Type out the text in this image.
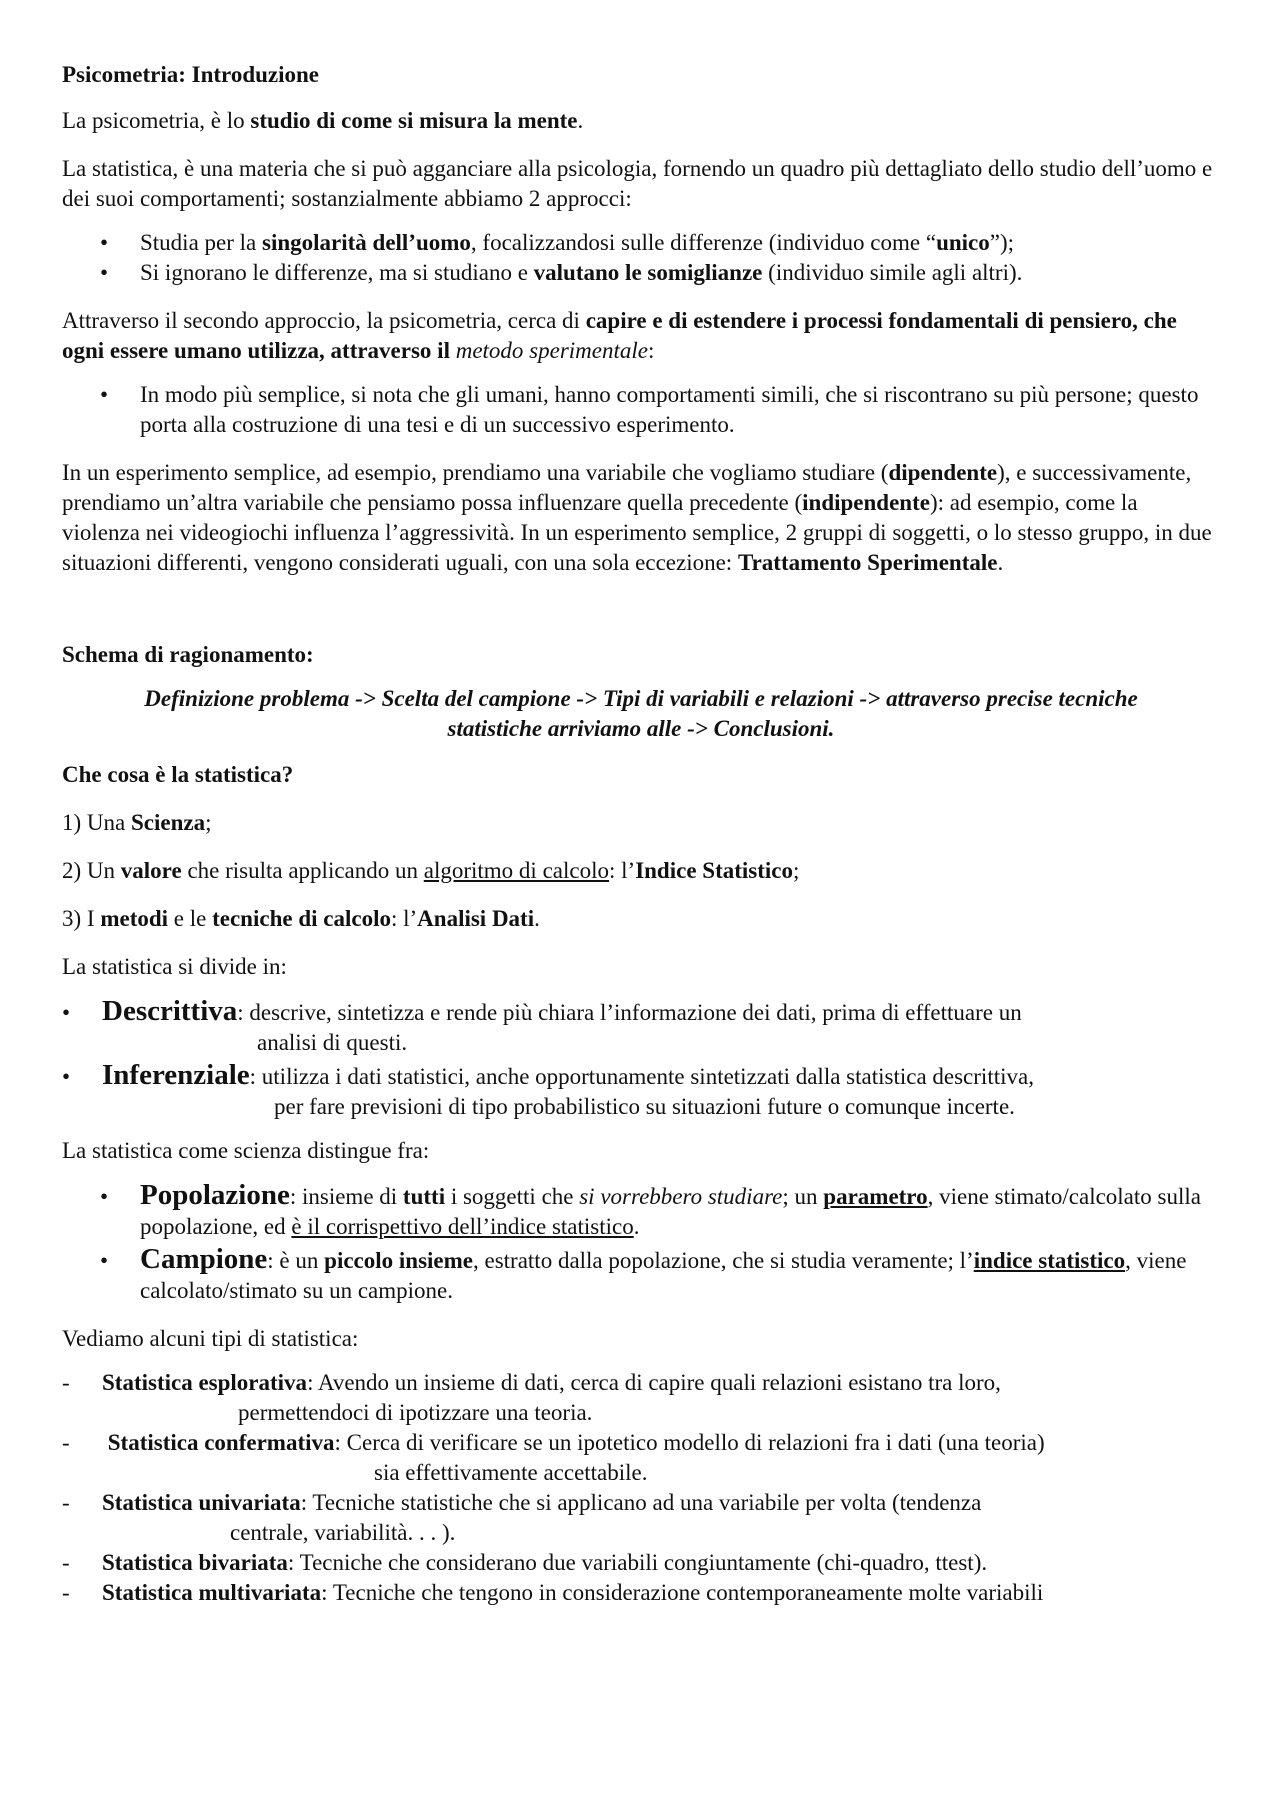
Psicometria: Introduzione

La psicometria, è lo studio di come si misura la mente.

La statistica, è una materia che si può agganciare alla psicologia, fornendo un quadro più dettagliato dello studio dell’uomo e dei suoi comportamenti; sostanzialmente abbiamo 2 approcci:

• Studia per la singolarità dell’uomo, focalizzandosi sulle differenze (individuo come “unico”);
• Si ignorano le differenze, ma si studiano e valutano le somiglianze (individuo simile agli altri).

Attraverso il secondo approccio, la psicometria, cerca di capire e di estendere i processi fondamentali di pensiero, che ogni essere umano utilizza, attraverso il metodo sperimentale:

• In modo più semplice, si nota che gli umani, hanno comportamenti simili, che si riscontrano su più persone; questo porta alla costruzione di una tesi e di un successivo esperimento.

In un esperimento semplice, ad esempio, prendiamo una variabile che vogliamo studiare (dipendente), e successivamente, prendiamo un’altra variabile che pensiamo possa influenzare quella precedente (indipendente): ad esempio, come la violenza nei videogiochi influenza l’aggressività. In un esperimento semplice, 2 gruppi di soggetti, o lo stesso gruppo, in due situazioni differenti, vengono considerati uguali, con una sola eccezione: Trattamento Sperimentale.

Schema di ragionamento:

Definizione problema -> Scelta del campione -> Tipi di variabili e relazioni -> attraverso precise tecniche
statistiche arriviamo alle -> Conclusioni.

Che cosa è la statistica?

1) Una Scienza;

2) Un valore che risulta applicando un algoritmo di calcolo: l’Indice Statistico;

3) I metodi e le tecniche di calcolo: l’Analisi Dati.

La statistica si divide in:

• Descrittiva: descrive, sintetizza e rende più chiara l’informazione dei dati, prima di effettuare un
analisi di questi.
• Inferenziale: utilizza i dati statistici, anche opportunamente sintetizzati dalla statistica descrittiva,
per fare previsioni di tipo probabilistico su situazioni future o comunque incerte.

La statistica come scienza distingue fra:

• Popolazione: insieme di tutti i soggetti che si vorrebbero studiare; un parametro, viene stimato/calcolato sulla popolazione, ed è il corrispettivo dell’indice statistico.
• Campione: è un piccolo insieme, estratto dalla popolazione, che si studia veramente; l’indice statistico, viene calcolato/stimato su un campione.

Vediamo alcuni tipi di statistica:

- Statistica esplorativa: Avendo un insieme di dati, cerca di capire quali relazioni esistano tra loro,
permettendoci di ipotizzare una teoria.
- Statistica confermativa: Cerca di verificare se un ipotetico modello di relazioni fra i dati (una teoria)
sia effettivamente accettabile.
- Statistica univariata: Tecniche statistiche che si applicano ad una variabile per volta (tendenza
centrale, variabilità. . . ).
- Statistica bivariata: Tecniche che considerano due variabili congiuntamente (chi-quadro, ttest).
- Statistica multivariata: Tecniche che tengono in considerazione contemporaneamente molte variabili
